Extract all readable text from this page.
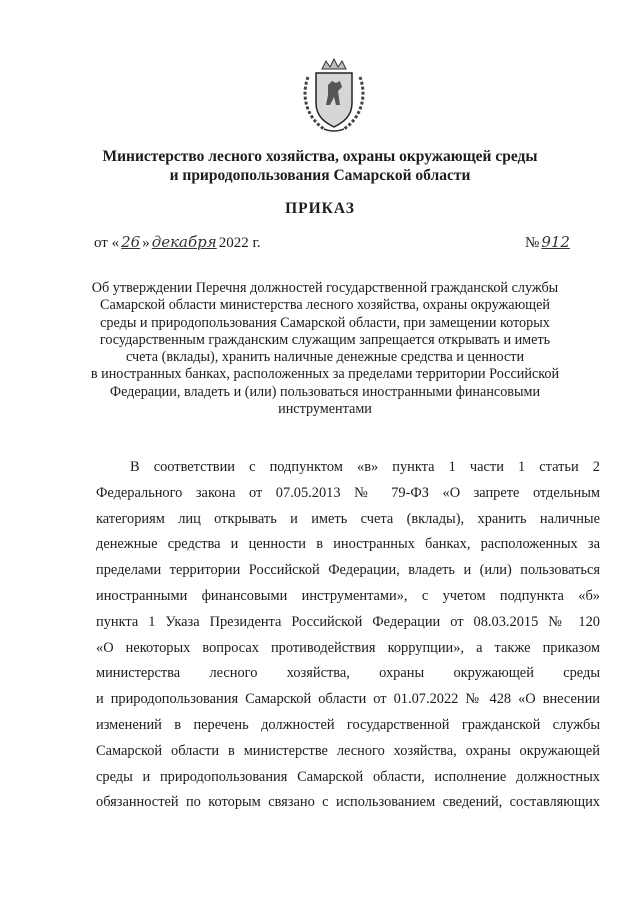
Министерство лесного хозяйства, охраны окружающей среды
и природопользования Самарской области
ПРИКАЗ
от « 26 » декабря 2022 г.	№ 912
Об утверждении Перечня должностей государственной гражданской службы
Самарской области министерства лесного хозяйства, охраны окружающей
среды и природопользования Самарской области, при замещении которых
государственным гражданским служащим запрещается открывать и иметь
счета (вклады), хранить наличные денежные средства и ценности
в иностранных банках, расположенных за пределами территории Российской
Федерации, владеть и (или) пользоваться иностранными финансовыми
инструментами
В соответствии с подпунктом «в» пункта 1 части 1 статьи 2
Федерального закона от 07.05.2013 № 79-ФЗ «О запрете отдельным
категориям лиц открывать и иметь счета (вклады), хранить наличные
денежные средства и ценности в иностранных банках, расположенных за
пределами территории Российской Федерации, владеть и (или) пользоваться
иностранными финансовыми инструментами», с учетом подпункта «б»
пункта 1 Указа Президента Российской Федерации от 08.03.2015 № 120
«О некоторых вопросах противодействия коррупции», а также приказом
министерства лесного хозяйства, охраны окружающей среды
и природопользования Самарской области от 01.07.2022 № 428 «О внесении
изменений в перечень должностей государственной гражданской службы
Самарской области в министерстве лесного хозяйства, охраны окружающей
среды и природопользования Самарской области, исполнение должностных
обязанностей по которым связано с использованием сведений, составляющих
